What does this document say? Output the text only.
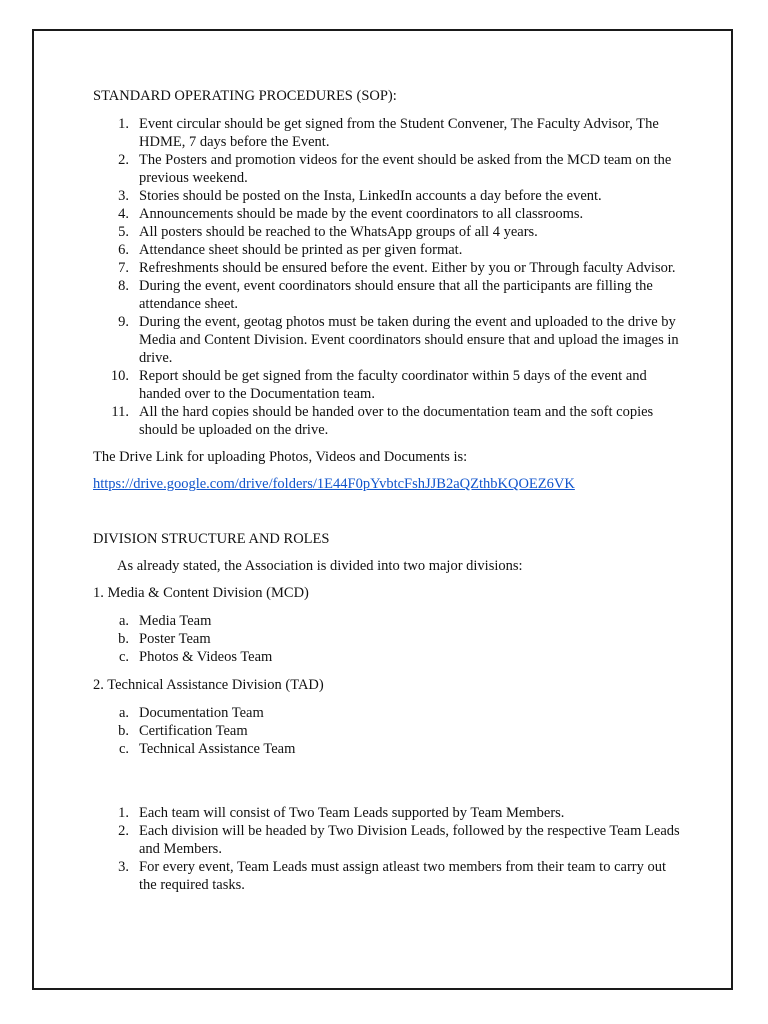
STANDARD OPERATING PROCEDURES (SOP):
1. Event circular should be get signed from the Student Convener, The Faculty Advisor, The HDME, 7 days before the Event.
2. The Posters and promotion videos for the event should be asked from the MCD team on the previous weekend.
3. Stories should be posted on the Insta, LinkedIn accounts a day before the event.
4. Announcements should be made by the event coordinators to all classrooms.
5. All posters should be reached to the WhatsApp groups of all 4 years.
6. Attendance sheet should be printed as per given format.
7. Refreshments should be ensured before the event. Either by you or Through faculty Advisor.
8. During the event, event coordinators should ensure that all the participants are filling the attendance sheet.
9. During the event, geotag photos must be taken during the event and uploaded to the drive by Media and Content Division. Event coordinators should ensure that and upload the images in drive.
10. Report should be get signed from the faculty coordinator within 5 days of the event and handed over to the Documentation team.
11. All the hard copies should be handed over to the documentation team and the soft copies should be uploaded on the drive.
The Drive Link for uploading Photos, Videos and Documents is:
https://drive.google.com/drive/folders/1E44F0pYvbtcFshJJB2aQZthbKQOEZ6VK
DIVISION STRUCTURE AND ROLES
As already stated, the Association is divided into two major divisions:
1. Media & Content Division (MCD)
a. Media Team
b. Poster Team
c. Photos & Videos Team
2. Technical Assistance Division (TAD)
a. Documentation Team
b. Certification Team
c. Technical Assistance Team
1. Each team will consist of Two Team Leads supported by Team Members.
2. Each division will be headed by Two Division Leads, followed by the respective Team Leads and Members.
3. For every event, Team Leads must assign atleast two members from their team to carry out the required tasks.
